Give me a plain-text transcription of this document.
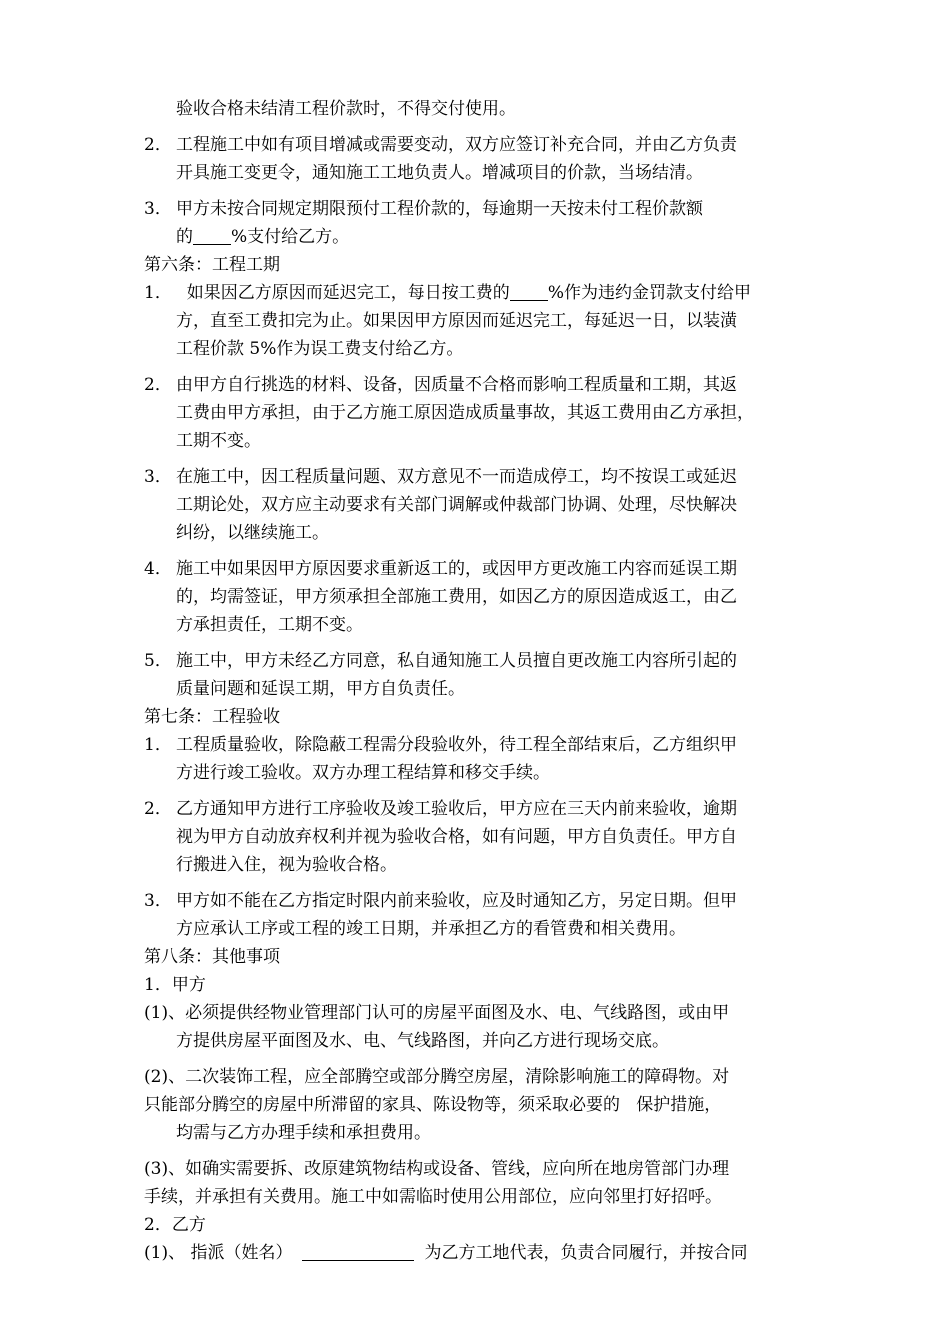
验收合格未结清工程价款时，不得交付使用。
2． 工程施工中如有项目增减或需要变动，双方应签订补充合同，并由乙方负责
开具施工变更令，通知施工工地负责人。增减项目的价款，当场结清。
3． 甲方未按合同规定期限预付工程价款的，每逾期一天按未付工程价款额
的 %支付给乙方。
第六条：工程工期
1．  如果因乙方原因而延迟完工，每日按工费的 %作为违约金罚款支付给甲
方，直至工费扣完为止。如果因甲方原因而延迟完工，每延迟一日，以装潢
工程价款 5%作为误工费支付给乙方。
2． 由甲方自行挑选的材料、设备，因质量不合格而影响工程质量和工期，其返
工费由甲方承担，由于乙方施工原因造成质量事故，其返工费用由乙方承担，
工期不变。
3． 在施工中，因工程质量问题、双方意见不一而造成停工，均不按误工或延迟
工期论处，双方应主动要求有关部门调解或仲裁部门协调、处理，尽快解决
纠纷，以继续施工。
4． 施工中如果因甲方原因要求重新返工的，或因甲方更改施工内容而延误工期
的，均需签证，甲方须承担全部施工费用，如因乙方的原因造成返工，由乙
方承担责任，工期不变。
5． 施工中，甲方未经乙方同意，私自通知施工人员擅自更改施工内容所引起的
质量问题和延误工期，甲方自负责任。
第七条：工程验收
1． 工程质量验收，除隐蔽工程需分段验收外，待工程全部结束后，乙方组织甲
方进行竣工验收。双方办理工程结算和移交手续。
2． 乙方通知甲方进行工序验收及竣工验收后，甲方应在三天内前来验收，逾期
视为甲方自动放弃权利并视为验收合格，如有问题，甲方自负责任。甲方自
行搬进入住，视为验收合格。
3． 甲方如不能在乙方指定时限内前来验收，应及时通知乙方，另定日期。但甲
方应承认工序或工程的竣工日期，并承担乙方的看管费和相关费用。
第八条：其他事项
1．甲方
(1)、必须提供经物业管理部门认可的房屋平面图及水、电、气线路图，或由甲
方提供房屋平面图及水、电、气线路图，并向乙方进行现场交底。
(2)、二次装饰工程，应全部腾空或部分腾空房屋，清除影响施工的障碍物。对
只能部分腾空的房屋中所滞留的家具、陈设物等，须采取必要的   保护措施，
均需与乙方办理手续和承担费用。
(3)、如确实需要拆、改原建筑物结构或设备、管线，应向所在地房管部门办理
手续，并承担有关费用。施工中如需临时使用公用部位，应向邻里打好招呼。
2．乙方
(1)、 指派（姓名）	为乙方工地代表，负责合同履行，并按合同
